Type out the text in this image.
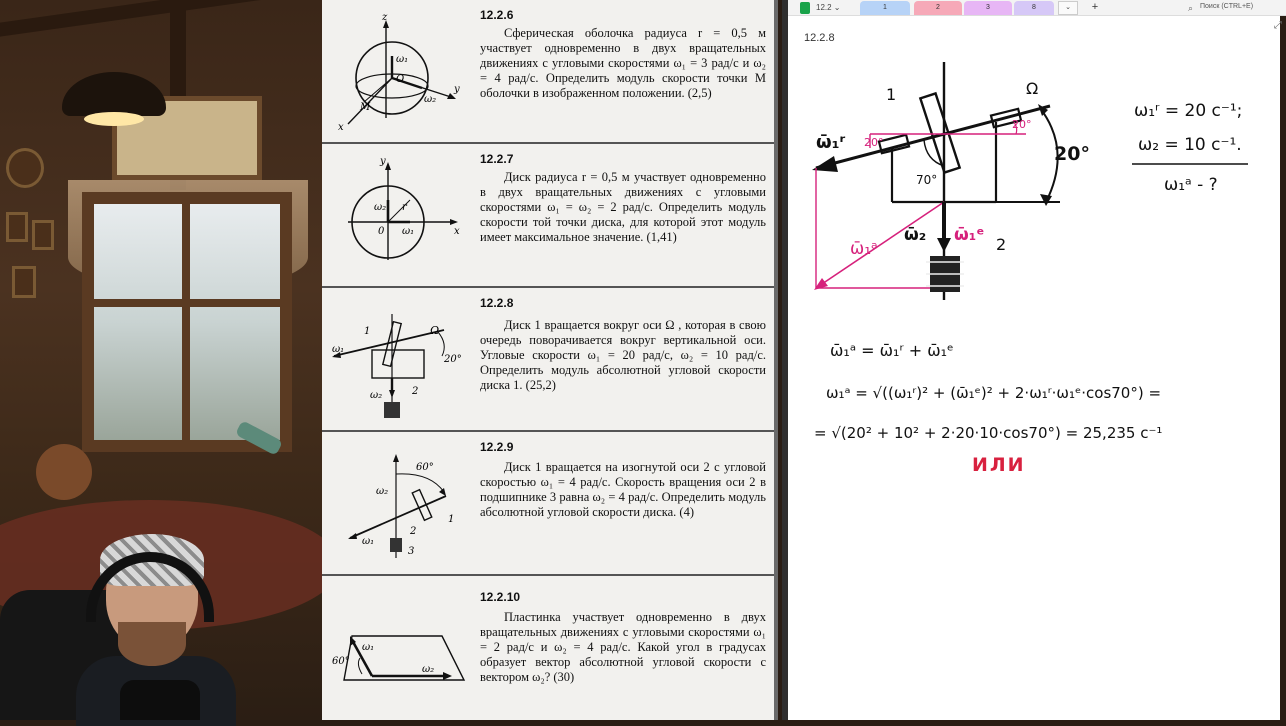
z
y
x
O
M
ω₁
ω₂
12.2.6
Сферическая оболочка радиуса r = 0,5 м участвует одновременно в двух вращательных движениях с угловыми скоростями ω₁ = 3 рад/с и ω₂ = 4 рад/с. Определить модуль скорости точки M оболочки в изображенном положении. (2,5)
y
x
0
r
ω₁
ω₂
12.2.7
Диск радиуса r = 0,5 м участвует одновременно в двух вращательных движениях с угловыми скоростями ω₁ = ω₂ = 2 рад/с. Определить модуль скорости той точки диска, для которой этот модуль имеет максимальное значение. (1,41)
1
2
Ω
20°
ω₁
ω₂
12.2.8
Диск 1 вращается вокруг оси Ω , которая в свою очередь поворачивается вокруг вертикальной оси. Угловые скорости ω₁ = 20 рад/с, ω₂ = 10 рад/с. Определить модуль абсолютной угловой скорости диска 1. (25,2)
60°
1
2
3
ω₁
ω₂
12.2.9
Диск 1 вращается на изогнутой оси 2 с угловой скоростью ω₁ = 4 рад/с. Скорость вращения оси 2 в подшипнике 3 равна ω₂ = 4 рад/с. Определить модуль абсолютной угловой скорости диска. (4)
60°
ω₁
ω₂
12.2.10
Пластинка участвует одновременно в двух вращательных движениях с угловыми скоростями ω₁ = 2 рад/с и ω₂ = 4 рад/с. Какой угол в градусах образует вектор абсолютной угловой скорости с вектором ω₂? (30)
12.2 ⌄	1	2	3	8	⌄	+	⌕ Поиск (CTRL+E)
⤢
12.2.8
1
2
Ω
20°
20°
20°
70°
ω̄₁ʳ
ω̄₂ ω̄₁ᵉ
ω̄₁ᵃ
ω₁ʳ = 20 c⁻¹;
ω₂ = 10 c⁻¹.
ω₁ᵃ - ?
ω̄₁ᵃ = ω̄₁ʳ + ω̄₁ᵉ
ω₁ᵃ = √((ω₁ʳ)² + (ω̄₁ᵉ)² + 2·ω₁ʳ·ω₁ᵉ·cos70°) =
= √(20² + 10² + 2·20·10·cos70°) = 25,235 c⁻¹
ИЛИ
